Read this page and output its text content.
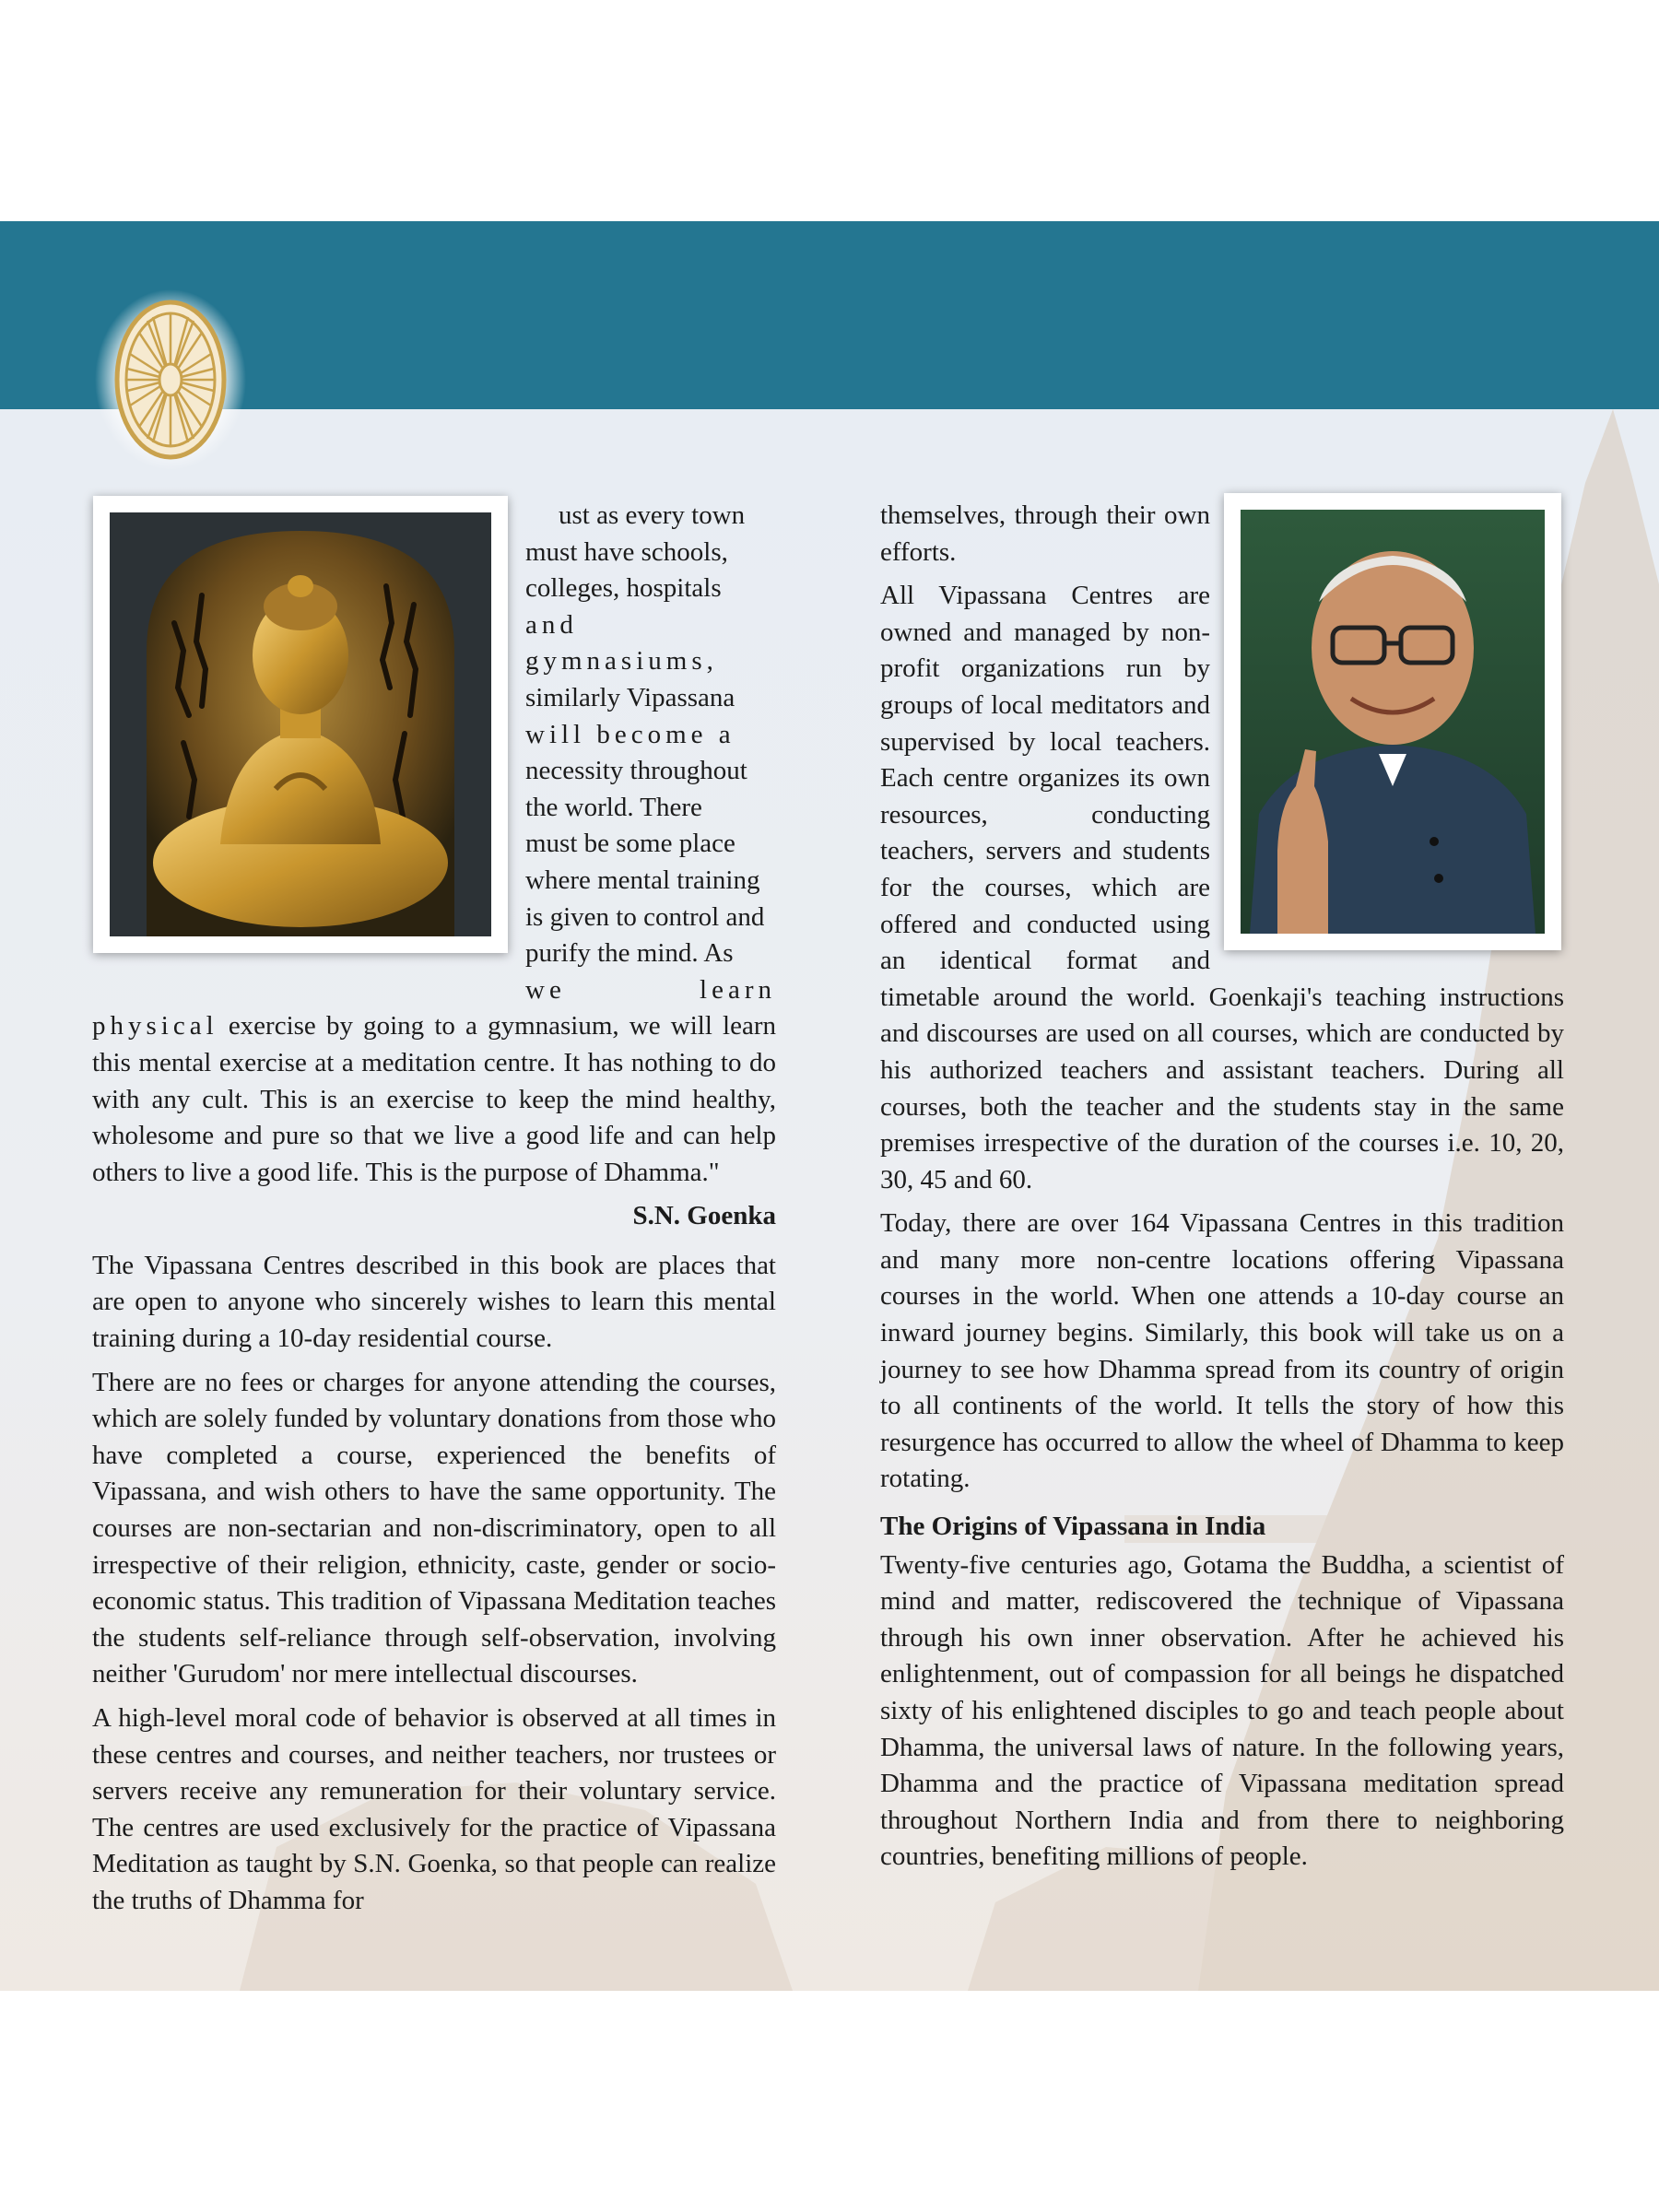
ust as every town
must have schools,
colleges, hospitals
and gymnasiums,
similarly Vipassana
will become a
necessity throughout
the world. There
must be some place
where mental training
is given to control and
purify the mind. As
we learn physical exercise by going to a gymnasium, we will learn this mental exercise at a meditation centre. It has nothing to do with any cult. This is an exercise to keep the mind healthy, wholesome and pure so that we live a good life and can help others to live a good life. This is the purpose of Dhamma."

S.N. Goenka

The Vipassana Centres described in this book are places that are open to anyone who sincerely wishes to learn this mental training during a 10-day residential course.

There are no fees or charges for anyone attending the courses, which are solely funded by voluntary donations from those who have completed a course, experienced the benefits of Vipassana, and wish others to have the same opportunity. The courses are non-sectarian and non-discriminatory, open to all irrespective of their religion, ethnicity, caste, gender or socio-economic status. This tradition of Vipassana Meditation teaches the students self-reliance through self-observation, involving neither 'Gurudom' nor mere intellectual discourses.

A high-level moral code of behavior is observed at all times in these centres and courses, and neither teachers, nor trustees or servers receive any remuneration for their voluntary service. The centres are used exclusively for the practice of Vipassana Meditation as taught by S.N. Goenka, so that people can realize the truths of Dhamma for

themselves, through their own efforts.

All Vipassana Centres are owned and managed by non-profit organizations run by groups of local meditators and supervised by local teachers. Each centre organizes its own resources, conducting teachers, servers and students for the courses, which are offered and conducted using an identical format and timetable around the world. Goenkaji's teaching instructions and discourses are used on all courses, which are conducted by his authorized teachers and assistant teachers. During all courses, both the teacher and the students stay in the same premises irrespective of the duration of the courses i.e. 10, 20, 30, 45 and 60.

Today, there are over 164 Vipassana Centres in this tradition and many more non-centre locations offering Vipassana courses in the world. When one attends a 10-day course an inward journey begins. Similarly, this book will take us on a journey to see how Dhamma spread from its country of origin to all continents of the world. It tells the story of how this resurgence has occurred to allow the wheel of Dhamma to keep rotating.

The Origins of Vipassana in India

Twenty-five centuries ago, Gotama the Buddha, a scientist of mind and matter, rediscovered the technique of Vipassana through his own inner observation. After he achieved his enlightenment, out of compassion for all beings he dispatched sixty of his enlightened disciples to go and teach people about Dhamma, the universal laws of nature. In the following years, Dhamma and the practice of Vipassana meditation spread throughout Northern India and from there to neighboring countries, benefiting millions of people.
